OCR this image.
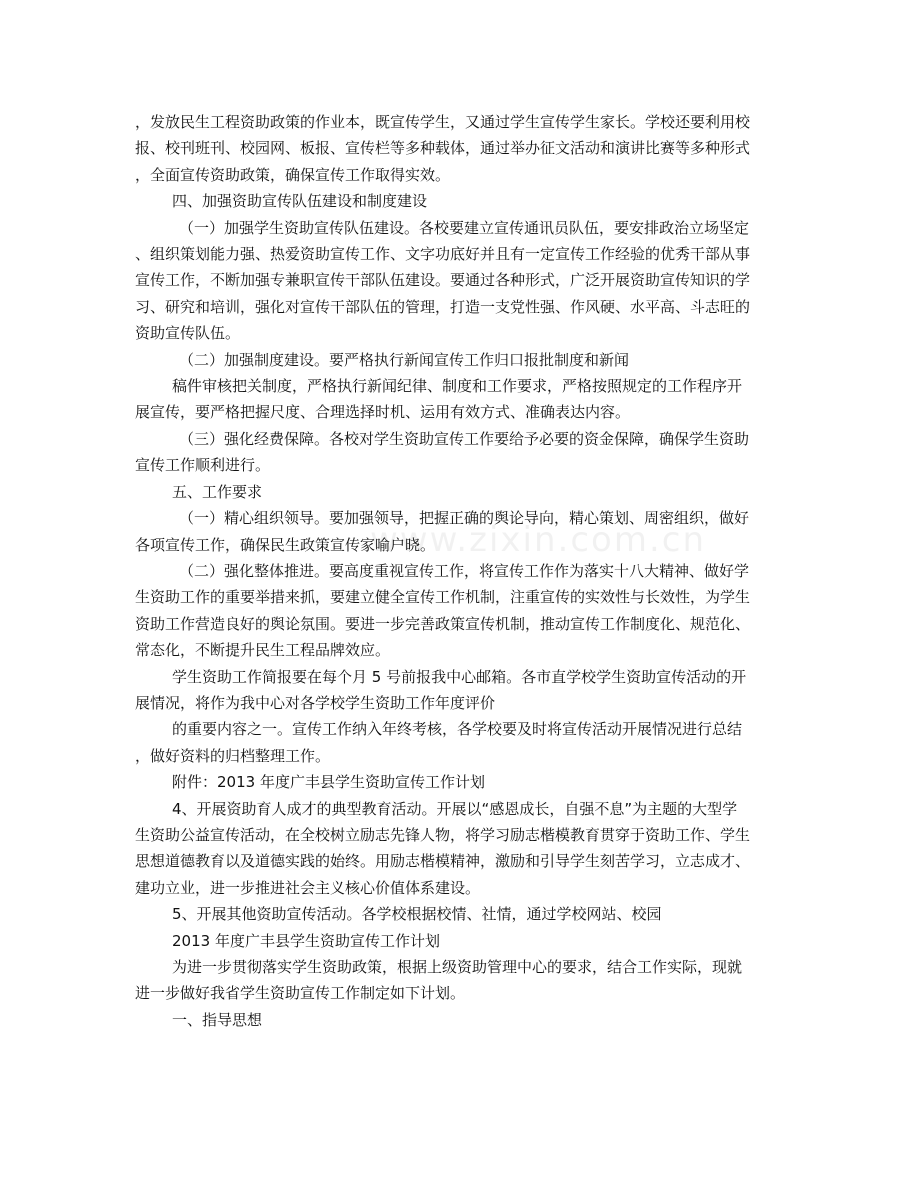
，发放民生工程资助政策的作业本，既宣传学生，又通过学生宣传学生家长。学校还要利用校
报、校刊班刊、校园网、板报、宣传栏等多种载体，通过举办征文活动和演讲比赛等多种形式
，全面宣传资助政策，确保宣传工作取得实效。
四、加强资助宣传队伍建设和制度建设
（一）加强学生资助宣传队伍建设。各校要建立宣传通讯员队伍，要安排政治立场坚定
、组织策划能力强、热爱资助宣传工作、文字功底好并且有一定宣传工作经验的优秀干部从事
宣传工作，不断加强专兼职宣传干部队伍建设。要通过各种形式，广泛开展资助宣传知识的学
习、研究和培训，强化对宣传干部队伍的管理，打造一支党性强、作风硬、水平高、斗志旺的
资助宣传队伍。
（二）加强制度建设。要严格执行新闻宣传工作归口报批制度和新闻
稿件审核把关制度，严格执行新闻纪律、制度和工作要求，严格按照规定的工作程序开
展宣传，要严格把握尺度、合理选择时机、运用有效方式、准确表达内容。
（三）强化经费保障。各校对学生资助宣传工作要给予必要的资金保障，确保学生资助
宣传工作顺利进行。
五、工作要求
（一）精心组织领导。要加强领导，把握正确的舆论导向，精心策划、周密组织，做好
各项宣传工作，确保民生政策宣传家喻户晓。
（二）强化整体推进。要高度重视宣传工作，将宣传工作作为落实十八大精神、做好学
生资助工作的重要举措来抓，要建立健全宣传工作机制，注重宣传的实效性与长效性，为学生
资助工作营造良好的舆论氛围。要进一步完善政策宣传机制，推动宣传工作制度化、规范化、
常态化，不断提升民生工程品牌效应。
学生资助工作简报要在每个月 5 号前报我中心邮箱。各市直学校学生资助宣传活动的开
展情况，将作为我中心对各学校学生资助工作年度评价
的重要内容之一。宣传工作纳入年终考核，各学校要及时将宣传活动开展情况进行总结
，做好资料的归档整理工作。
附件：2013 年度广丰县学生资助宣传工作计划
4、开展资助育人成才的典型教育活动。开展以“感恩成长，自强不息”为主题的大型学
生资助公益宣传活动，在全校树立励志先锋人物，将学习励志楷模教育贯穿于资助工作、学生
思想道德教育以及道德实践的始终。用励志楷模精神，激励和引导学生刻苦学习，立志成才、
建功立业，进一步推进社会主义核心价值体系建设。
5、开展其他资助宣传活动。各学校根据校情、社情，通过学校网站、校园
2013 年度广丰县学生资助宣传工作计划
为进一步贯彻落实学生资助政策，根据上级资助管理中心的要求，结合工作实际，现就
进一步做好我省学生资助宣传工作制定如下计划。
一、指导思想
www.zixin.com.cn
